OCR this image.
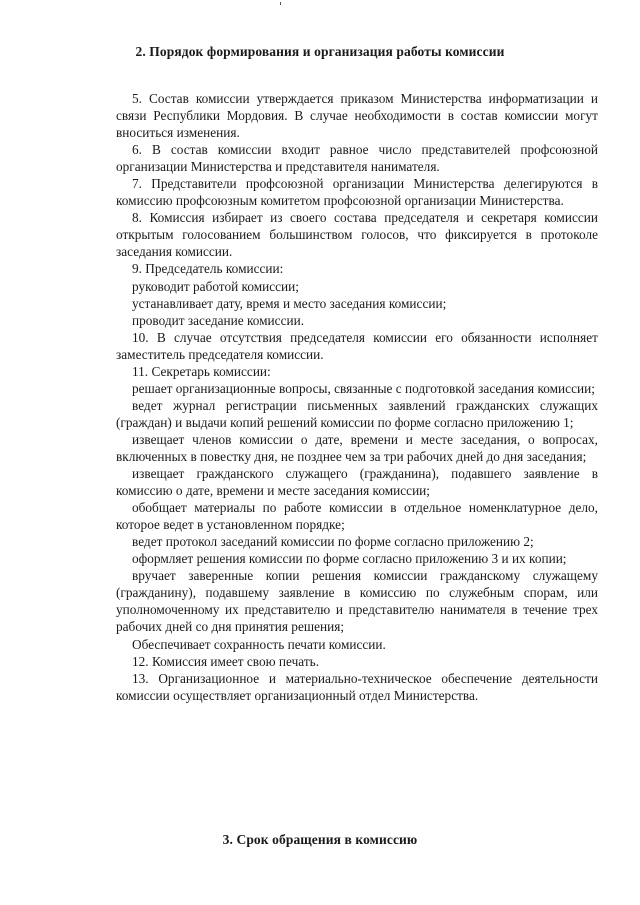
2. Порядок формирования и организация работы комиссии

5. Состав комиссии утверждается приказом Министерства информатизации и связи Республики Мордовия. В случае необходимости в состав комиссии могут вноситься изменения.

6. В состав комиссии входит равное число представителей профсоюзной организации Министерства и представителя нанимателя.

7. Представители профсоюзной организации Министерства делегируются в комиссию профсоюзным комитетом профсоюзной организации Министерства.

8. Комиссия избирает из своего состава председателя и секретаря комиссии открытым голосованием большинством голосов, что фиксируется в протоколе заседания комиссии.

9. Председатель комиссии:

руководит работой комиссии;

устанавливает дату, время и место заседания комиссии;

проводит заседание комиссии.

10. В случае отсутствия председателя комиссии его обязанности исполняет заместитель председателя комиссии.

11. Секретарь комиссии:

решает организационные вопросы, связанные с подготовкой заседания комиссии;

ведет журнал регистрации письменных заявлений гражданских служащих (граждан) и выдачи копий решений комиссии по форме согласно приложению 1;

извещает членов комиссии о дате, времени и месте заседания, о вопросах, включенных в повестку дня, не позднее чем за три рабочих дней до дня заседания;

извещает гражданского служащего (гражданина), подавшего заявление в комиссию о дате, времени и месте заседания комиссии;

обобщает материалы по работе комиссии в отдельное номенклатурное дело, которое ведет в установленном порядке;

ведет протокол заседаний комиссии по форме согласно приложению 2;

оформляет решения комиссии по форме согласно приложению 3 и их копии;

вручает заверенные копии решения комиссии гражданскому служащему (гражданину), подавшему заявление в комиссию по служебным спорам, или уполномоченному их представителю и представителю нанимателя в течение трех рабочих дней со дня принятия решения;

Обеспечивает сохранность печати комиссии.

12. Комиссия имеет свою печать.

13. Организационное и материально-техническое обеспечение деятельности комиссии осуществляет организационный отдел Министерства.

3. Срок обращения в комиссию
